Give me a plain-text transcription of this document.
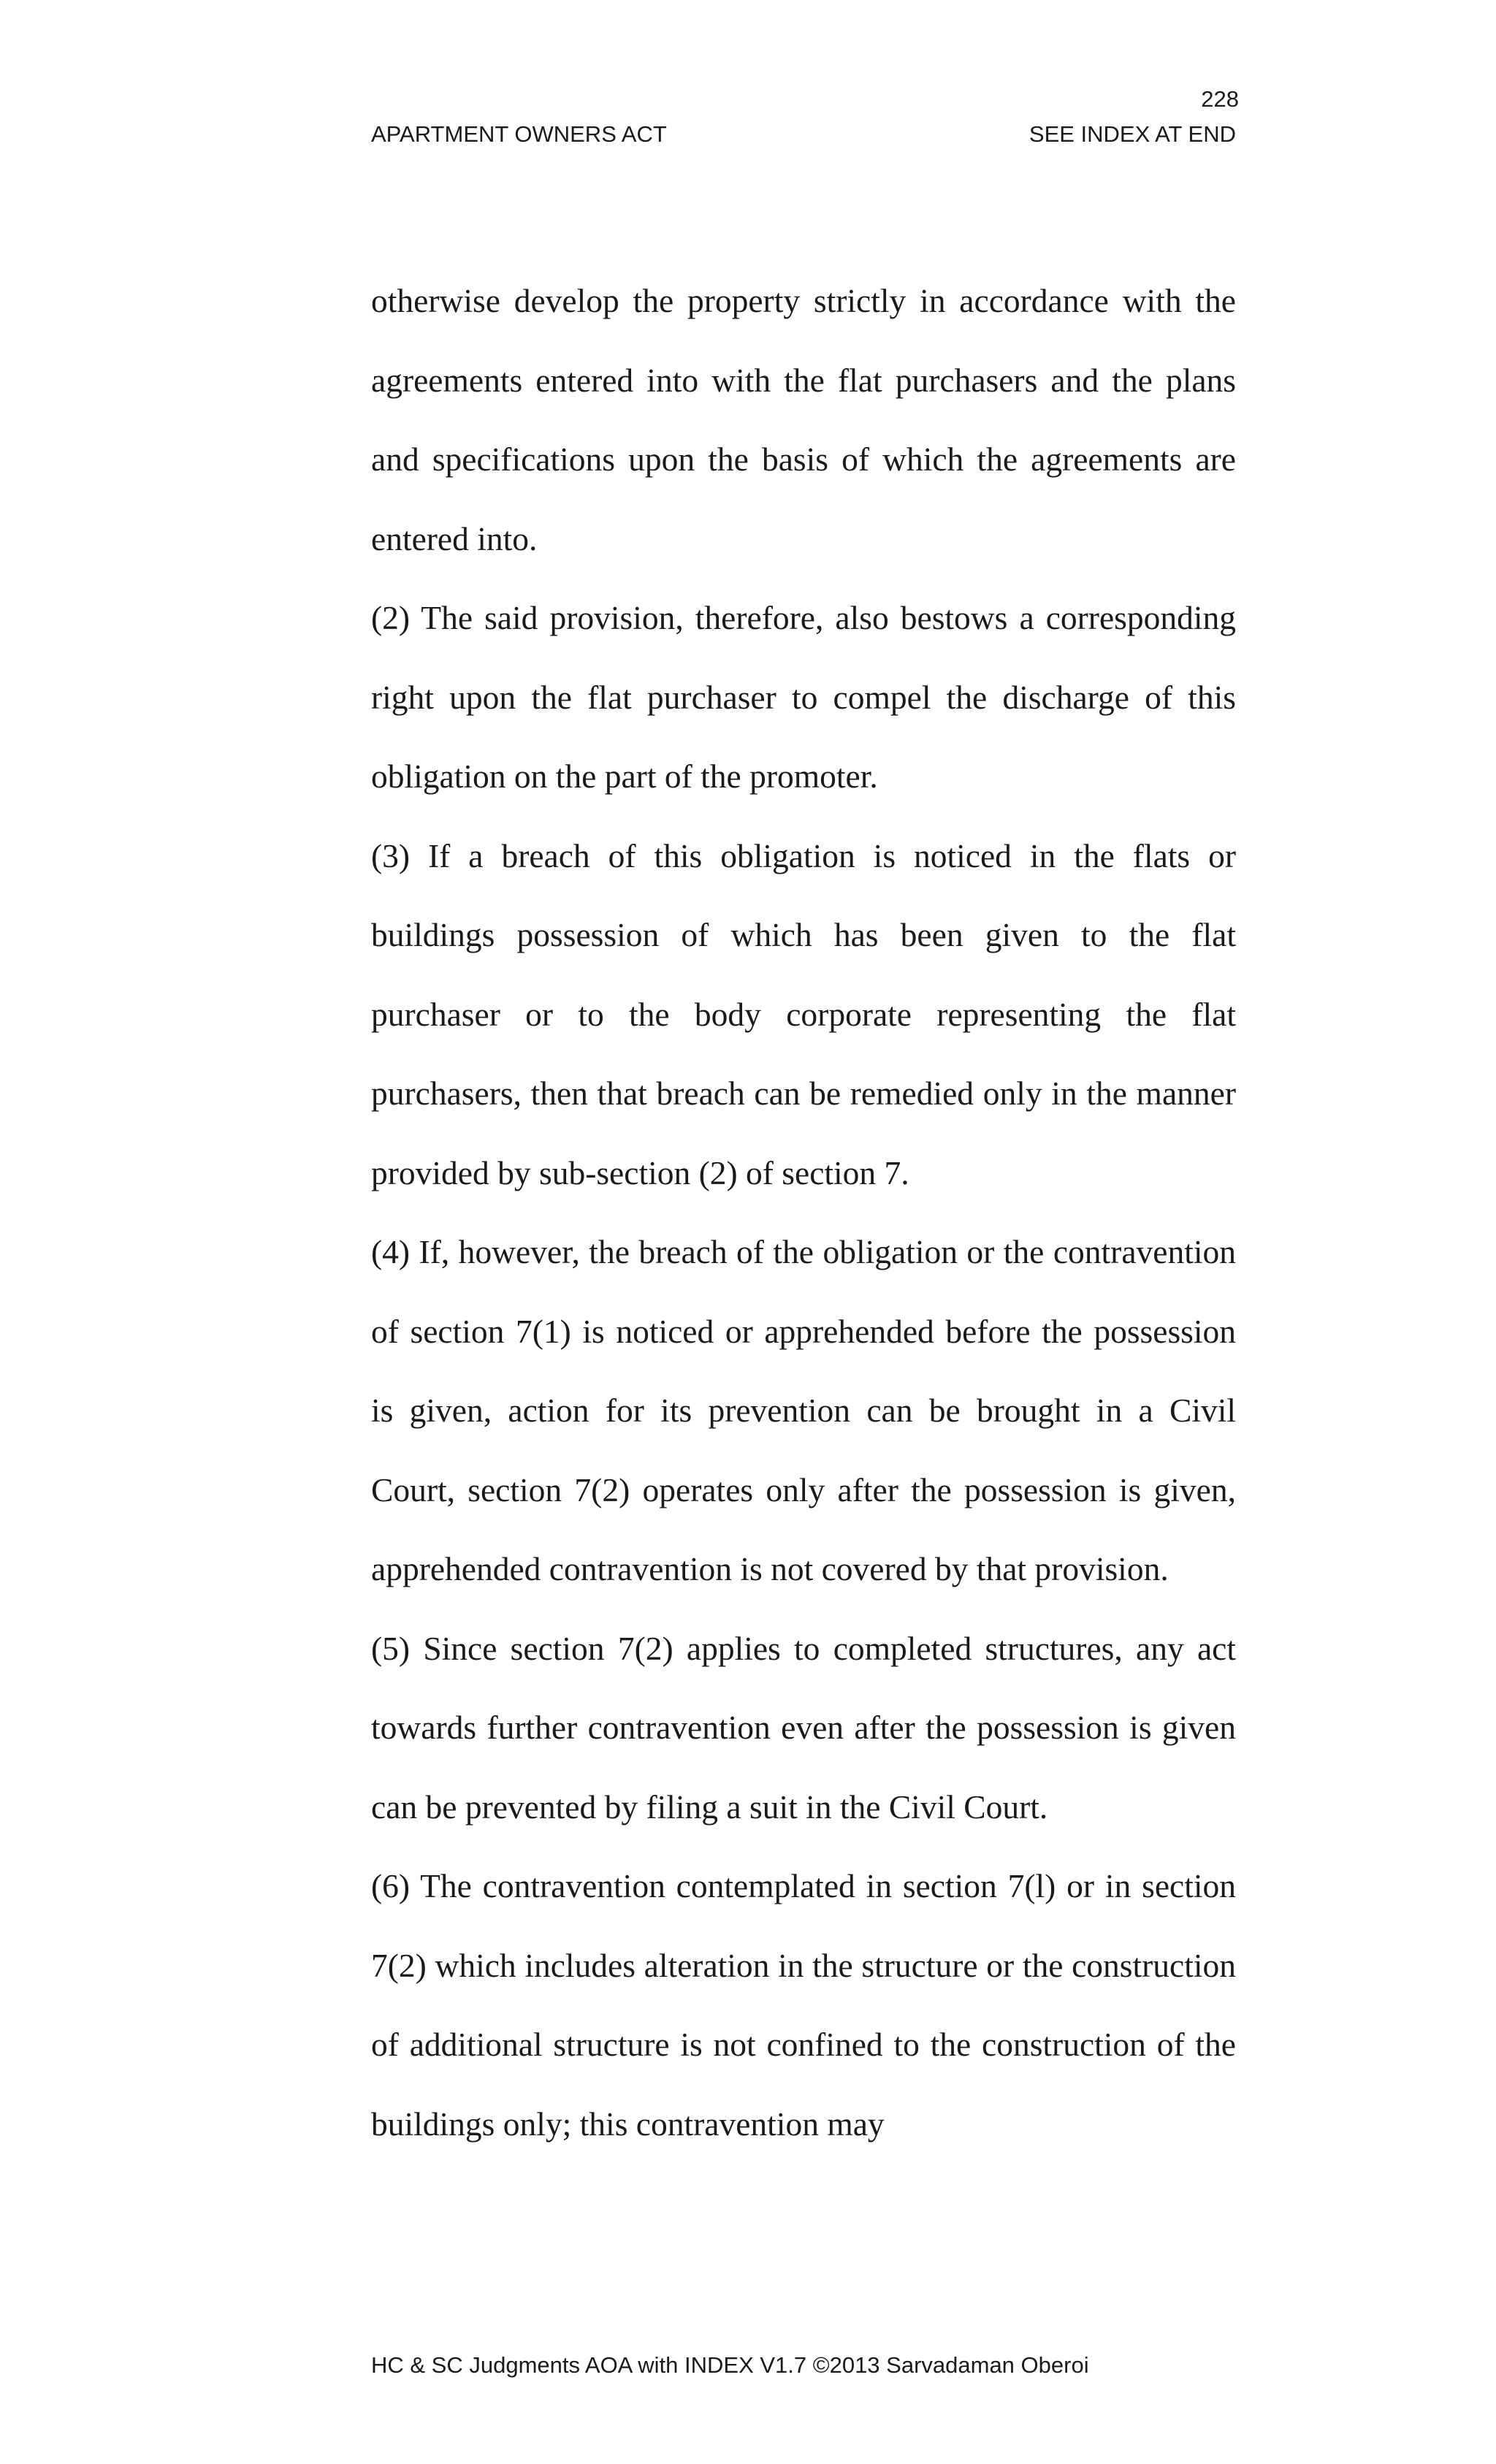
228
APARTMENT OWNERS ACT	SEE INDEX AT END

otherwise develop the property strictly in accordance with the agreements entered into with the flat purchasers and the plans and specifications upon the basis of which the agreements are entered into.

(2) The said provision, therefore, also bestows a corresponding right upon the flat purchaser to compel the discharge of this obligation on the part of the promoter.

(3) If a breach of this obligation is noticed in the flats or buildings possession of which has been given to the flat purchaser or to the body corporate representing the flat purchasers, then that breach can be remedied only in the manner provided by sub-section (2) of section 7.

(4) If, however, the breach of the obligation or the contravention of section 7(1) is noticed or apprehended before the possession is given, action for its prevention can be brought in a Civil Court, section 7(2) operates only after the possession is given, apprehended contravention is not covered by that provision.

(5) Since section 7(2) applies to completed structures, any act towards further contravention even after the possession is given can be prevented by filing a suit in the Civil Court.

(6) The contravention contemplated in section 7(l) or in section 7(2) which includes alteration in the structure or the construction of additional structure is not confined to the construction of the buildings only; this contravention may

HC & SC Judgments AOA with INDEX V1.7 ©2013 Sarvadaman Oberoi
